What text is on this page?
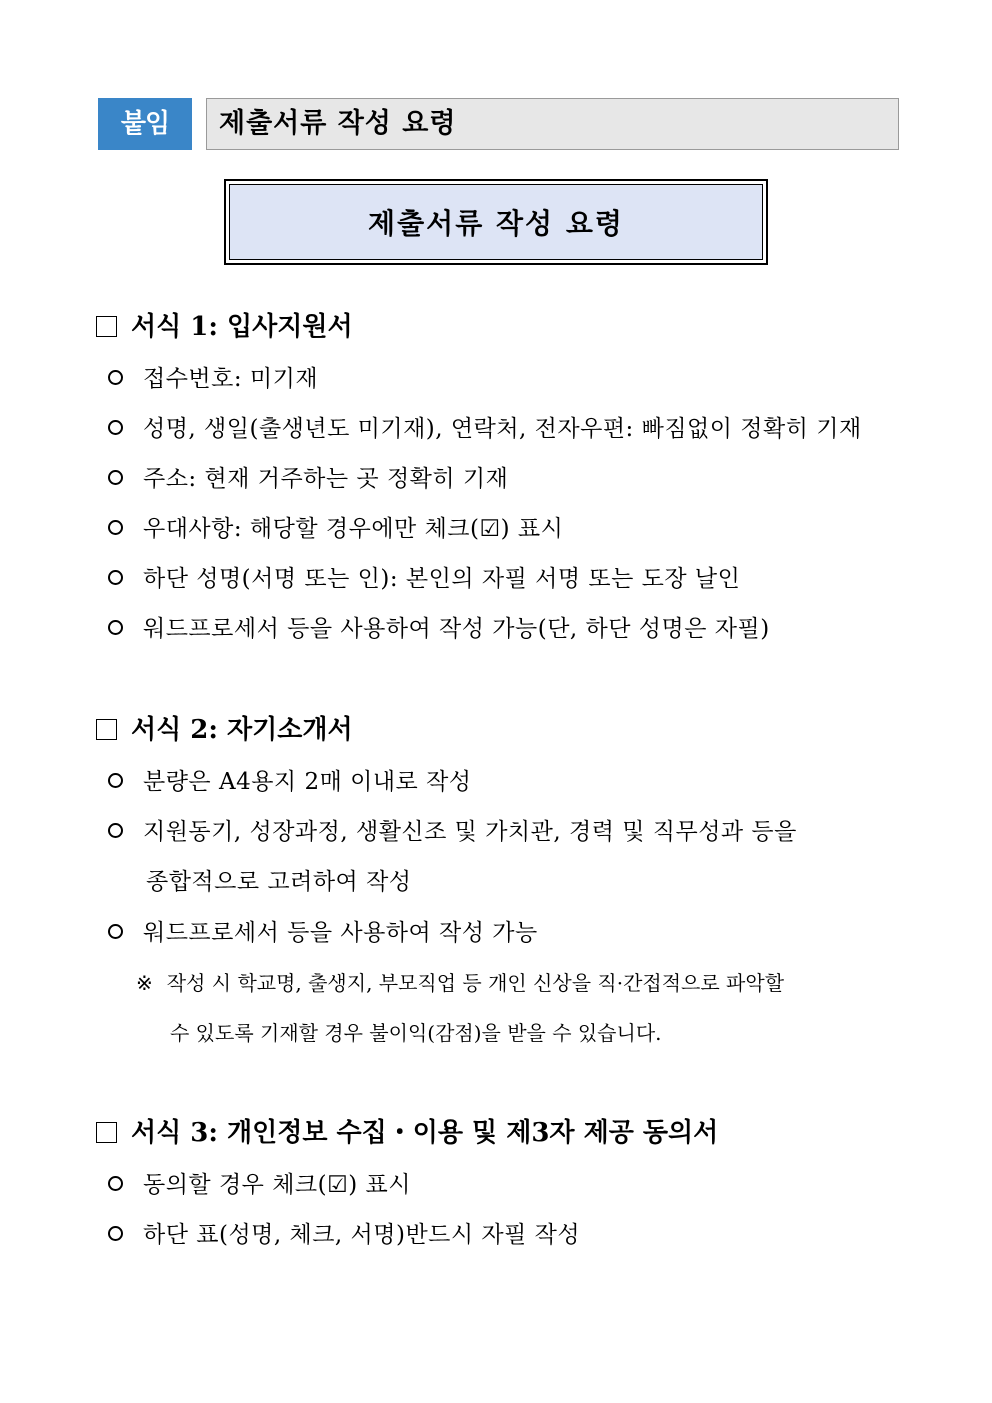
붙임	제출서류 작성 요령
제출서류 작성 요령
서식 1: 입사지원서
접수번호: 미기재
성명, 생일(출생년도 미기재), 연락처, 전자우편: 빠짐없이 정확히 기재
주소: 현재 거주하는 곳 정확히 기재
우대사항: 해당할 경우에만 체크(☑) 표시
하단 성명(서명 또는 인): 본인의 자필 서명 또는 도장 날인
워드프로세서 등을 사용하여 작성 가능(단, 하단 성명은 자필)
서식 2: 자기소개서
분량은 A4용지 2매 이내로 작성
지원동기, 성장과정, 생활신조 및 가치관, 경력 및 직무성과 등을
종합적으로 고려하여 작성
워드프로세서 등을 사용하여 작성 가능
※ 작성 시 학교명, 출생지, 부모직업 등 개인 신상을 직·간접적으로 파악할
수 있도록 기재할 경우 불이익(감점)을 받을 수 있습니다.
서식 3: 개인정보 수집・이용 및 제3자 제공 동의서
동의할 경우 체크(☑) 표시
하단 표(성명, 체크, 서명)반드시 자필 작성
